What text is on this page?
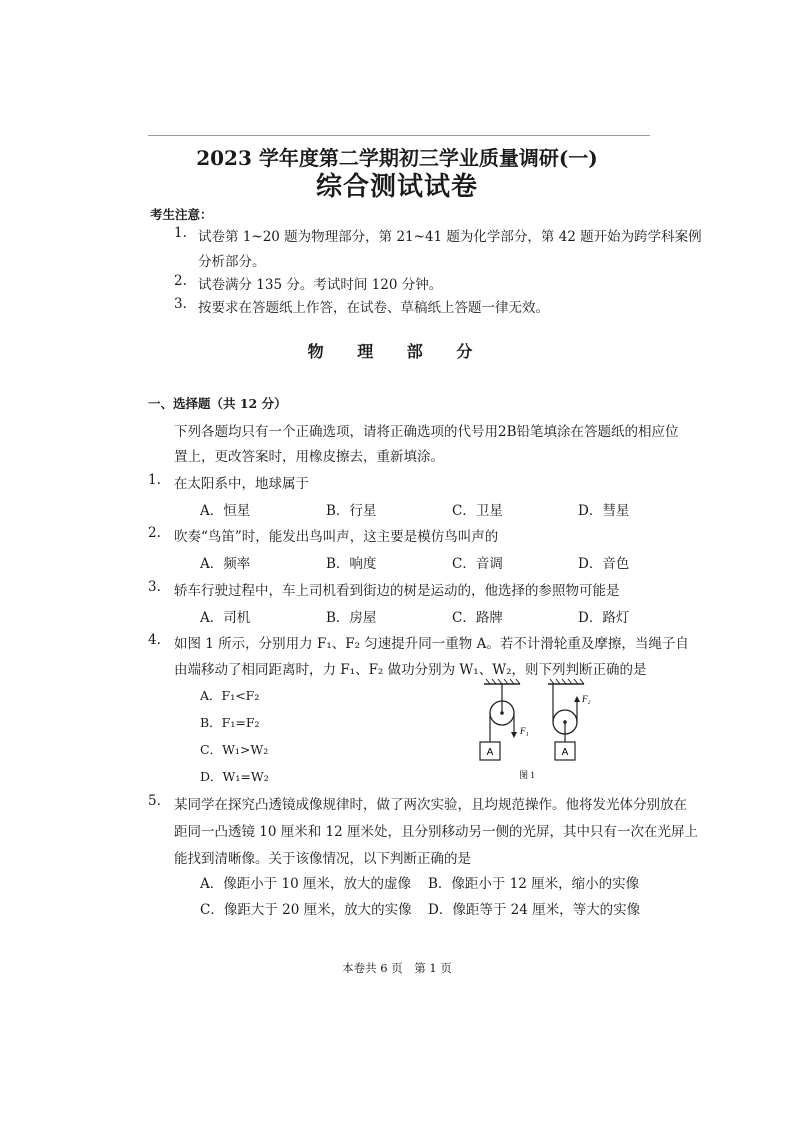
2023 学年度第二学期初三学业质量调研(一)
综合测试试卷
考生注意：
1. 试卷第 1~20 题为物理部分，第 21~41 题为化学部分，第 42 题开始为跨学科案例
分析部分。
2. 试卷满分 135 分。考试时间 120 分钟。
3. 按要求在答题纸上作答，在试卷、草稿纸上答题一律无效。
物 理 部 分
一、选择题（共 12 分）
下列各题均只有一个正确选项，请将正确选项的代号用2B铅笔填涂在答题纸的相应位
置上，更改答案时，用橡皮擦去，重新填涂。
1. 在太阳系中，地球属于
A．恒星	B．行星	C．卫星	D．彗星
2. 吹奏“鸟笛”时，能发出鸟叫声，这主要是模仿鸟叫声的
A．频率	B．响度	C．音调	D．音色
3. 轿车行驶过程中，车上司机看到街边的树是运动的，他选择的参照物可能是
A．司机	B．房屋	C．路牌	D．路灯
4. 如图 1 所示，分别用力 F₁、F₂ 匀速提升同一重物 A。若不计滑轮重及摩擦，当绳子自
由端移动了相同距离时，力 F₁、F₂ 做功分别为 W₁、W₂，则下列判断正确的是
A．F₁<F₂
B．F₁=F₂
C．W₁>W₂
D．W₁=W₂
F₁
A
F₂
A
图 1
5. 某同学在探究凸透镜成像规律时，做了两次实验，且均规范操作。他将发光体分别放在
距同一凸透镜 10 厘米和 12 厘米处，且分别移动另一侧的光屏，其中只有一次在光屏上
能找到清晰像。关于该像情况，以下判断正确的是
A．像距小于 10 厘米，放大的虚像 B．像距小于 12 厘米，缩小的实像
C．像距大于 20 厘米，放大的实像 D．像距等于 24 厘米，等大的实像
本卷共 6 页　第 1 页
